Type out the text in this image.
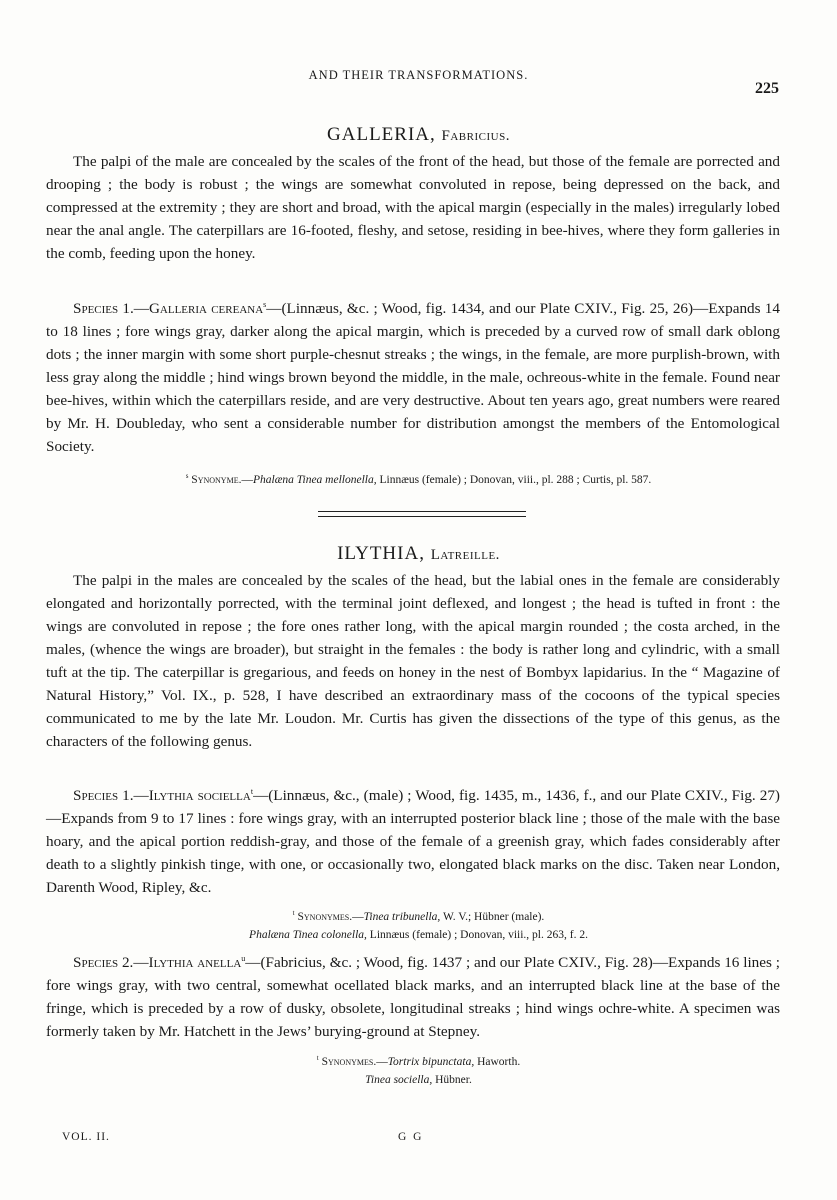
AND THEIR TRANSFORMATIONS.
225
GALLERIA, Fabricius.

The palpi of the male are concealed by the scales of the front of the head, but those of the female are porrected and drooping ; the body is robust ; the wings are somewhat convoluted in repose, being depressed on the back, and compressed at the extremity ; they are short and broad, with the apical margin (especially in the males) irregularly lobed near the anal angle. The caterpillars are 16-footed, fleshy, and setose, residing in bee-hives, where they form galleries in the comb, feeding upon the honey.

Species 1.—Galleria cereana$^s$—(Linnæus, &c. ; Wood, fig. 1434, and our Plate CXIV., Fig. 25, 26)—Expands 14 to 18 lines ; fore wings gray, darker along the apical margin, which is preceded by a curved row of small dark oblong dots ; the inner margin with some short purple-chesnut streaks ; the wings, in the female, are more purplish-brown, with less gray along the middle ; hind wings brown beyond the middle, in the male, ochreous-white in the female. Found near bee-hives, within which the caterpillars reside, and are very destructive. About ten years ago, great numbers were reared by Mr. H. Doubleday, who sent a considerable number for distribution amongst the members of the Entomological Society.

$^s$ Synonyme.—Phalæna Tinea mellonella, Linnæus (female) ; Donovan, viii., pl. 288 ; Curtis, pl. 587.
ILYTHIA, Latreille.

The palpi in the males are concealed by the scales of the head, but the labial ones in the female are considerably elongated and horizontally porrected, with the terminal joint deflexed, and longest ; the head is tufted in front : the wings are convoluted in repose ; the fore ones rather long, with the apical margin rounded ; the costa arched, in the males, (whence the wings are broader), but straight in the females : the body is rather long and cylindric, with a small tuft at the tip. The caterpillar is gregarious, and feeds on honey in the nest of Bombyx lapidarius. In the “ Magazine of Natural History,” Vol. IX., p. 528, I have described an extraordinary mass of the cocoons of the typical species communicated to me by the late Mr. Loudon. Mr. Curtis has given the dissections of the type of this genus, as the characters of the following genus.

Species 1.—Ilythia sociella$^t$—(Linnæus, &c., (male) ; Wood, fig. 1435, m., 1436, f., and our Plate CXIV., Fig. 27)—Expands from 9 to 17 lines : fore wings gray, with an interrupted posterior black line ; those of the male with the base hoary, and the apical portion reddish-gray, and those of the female of a greenish gray, which fades considerably after death to a slightly pinkish tinge, with one, or occasionally two, elongated black marks on the disc. Taken near London, Darenth Wood, Ripley, &c.

$^t$ Synonymes.—Tinea tribunella, W. V.; Hübner (male).
Phalæna Tinea colonella, Linnæus (female) ; Donovan, viii., pl. 263, f. 2.

Species 2.—Ilythia anella$^u$—(Fabricius, &c. ; Wood, fig. 1437 ; and our Plate CXIV., Fig. 28)—Expands 16 lines ; fore wings gray, with two central, somewhat ocellated black marks, and an interrupted black line at the base of the fringe, which is preceded by a row of dusky, obsolete, longitudinal streaks ; hind wings ochre-white. A specimen was formerly taken by Mr. Hatchett in the Jews’ burying-ground at Stepney.

$^t$ Synonymes.—Tortrix bipunctata, Haworth.
Tinea sociella, Hübner.
VOL. II.	G G
